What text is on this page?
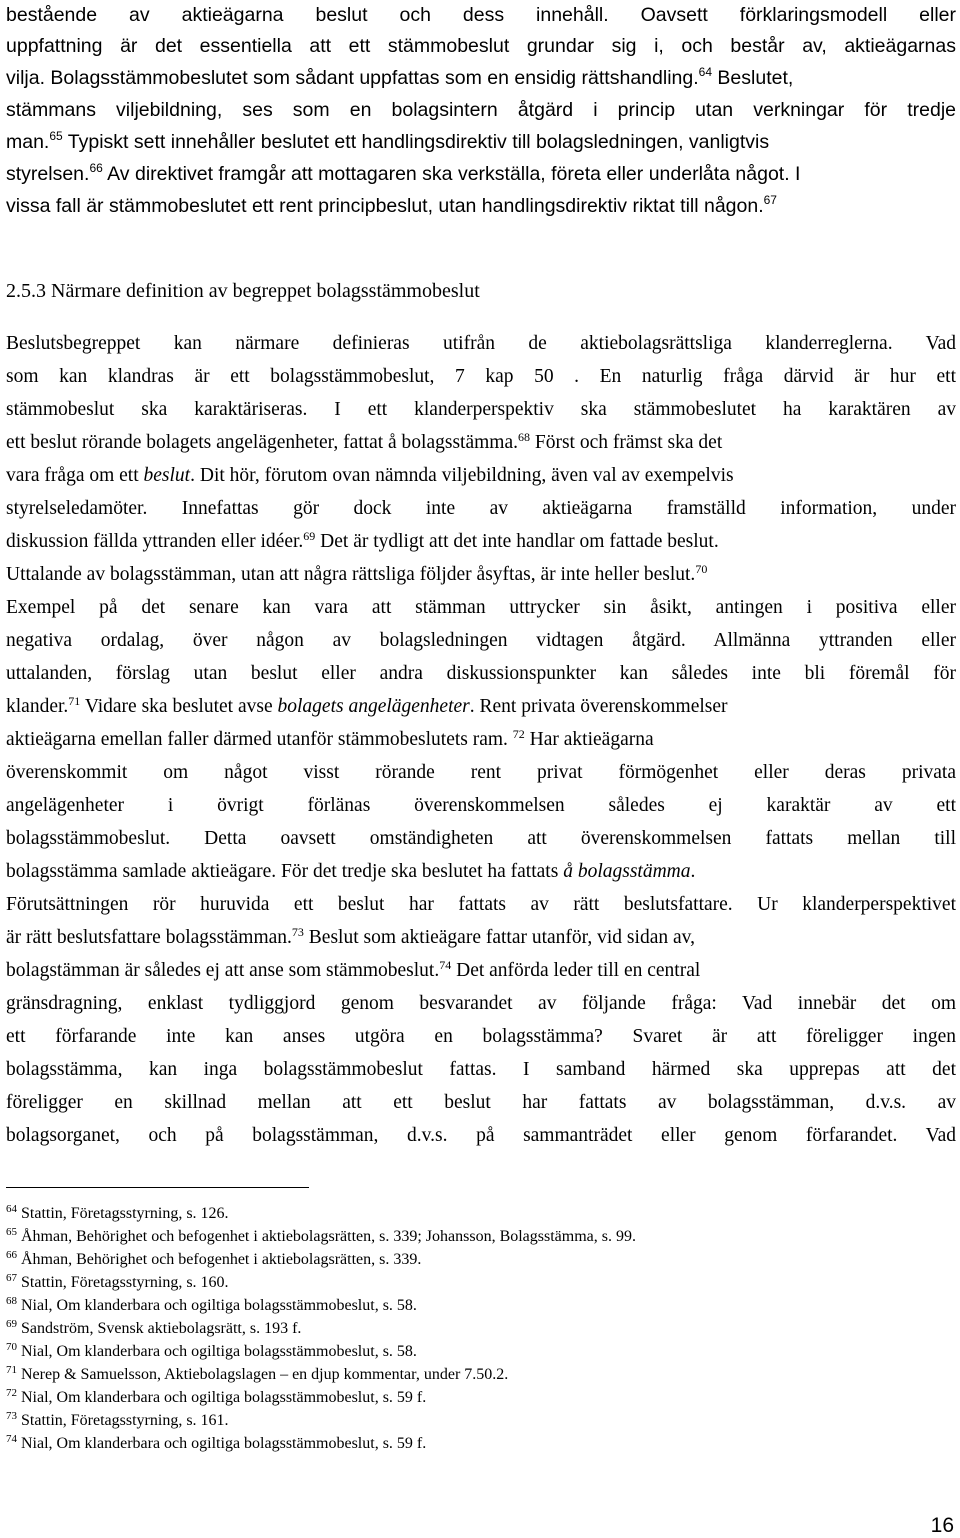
bestående av aktieägarna beslut och dess innehåll. Oavsett förklaringsmodell eller
uppfattning är det essentiella att ett stämmobeslut grundar sig i, och består av, aktieägarnas
vilja. Bolagsstämmobeslutet som sådant uppfattas som en ensidig rättshandling.$^{64}$ Beslutet,
stämmans viljebildning, ses som en bolagsintern åtgärd i princip utan verkningar för tredje
man.$^{65}$ Typiskt sett innehåller beslutet ett handlingsdirektiv till bolagsledningen, vanligtvis
styrelsen.$^{66}$ Av direktivet framgår att mottagaren ska verkställa, företa eller underlåta något. I
vissa fall är stämmobeslutet ett rent principbeslut, utan handlingsdirektiv riktat till någon.$^{67}$
2.5.3 Närmare definition av begreppet bolagsstämmobeslut
Beslutsbegreppet kan närmare definieras utifrån de aktiebolagsrättsliga klanderreglerna. Vad
som kan klandras är ett bolagsstämmobeslut, 7 kap 50 . En naturlig fråga därvid är hur ett
stämmobeslut ska karaktäriseras. I ett klanderperspektiv ska stämmobeslutet ha karaktären av
ett beslut rörande bolagets angelägenheter, fattat å bolagsstämma.$^{68}$ Först och främst ska det
vara fråga om ett beslut. Dit hör, förutom ovan nämnda viljebildning, även val av exempelvis
styrelseledamöter. Innefattas gör dock inte av aktieägarna framställd information, under
diskussion fällda yttranden eller idéer.$^{69}$ Det är tydligt att det inte handlar om fattade beslut.
Uttalande av bolagsstämman, utan att några rättsliga följder åsyftas, är inte heller beslut.$^{70}$
Exempel på det senare kan vara att stämman uttrycker sin åsikt, antingen i positiva eller
negativa ordalag, över någon av bolagsledningen vidtagen åtgärd. Allmänna yttranden eller
uttalanden, förslag utan beslut eller andra diskussionspunkter kan således inte bli föremål för
klander.$^{71}$ Vidare ska beslutet avse bolagets angelägenheter. Rent privata överenskommelser
aktieägarna emellan faller därmed utanför stämmobeslutets ram. $^{72}$ Har aktieägarna
överenskommit om något visst rörande rent privat förmögenhet eller deras privata
angelägenheter i övrigt förlänas överenskommelsen således ej karaktär av ett
bolagsstämmobeslut. Detta oavsett omständigheten att överenskommelsen fattats mellan till
bolagsstämma samlade aktieägare. För det tredje ska beslutet ha fattats å bolagsstämma.
Förutsättningen rör huruvida ett beslut har fattats av rätt beslutsfattare. Ur klanderperspektivet
är rätt beslutsfattare bolagsstämman.$^{73}$ Beslut som aktieägare fattar utanför, vid sidan av,
bolagstämman är således ej att anse som stämmobeslut.$^{74}$ Det anförda leder till en central
gränsdragning, enklast tydliggjord genom besvarandet av följande fråga: Vad innebär det om
ett förfarande inte kan anses utgöra en bolagsstämma? Svaret är att föreligger ingen
bolagsstämma, kan inga bolagsstämmobeslut fattas. I samband härmed ska upprepas att det
föreligger en skillnad mellan att ett beslut har fattats av bolagsstämman, d.v.s. av
bolagsorganet, och på bolagsstämman, d.v.s. på sammanträdet eller genom förfarandet. Vad
$^{64}$ Stattin, Företagsstyrning, s. 126.
$^{65}$ Åhman, Behörighet och befogenhet i aktiebolagsrätten, s. 339; Johansson, Bolagsstämma, s. 99.
$^{66}$ Åhman, Behörighet och befogenhet i aktiebolagsrätten, s. 339.
$^{67}$ Stattin, Företagsstyrning, s. 160.
$^{68}$ Nial, Om klanderbara och ogiltiga bolagsstämmobeslut, s. 58.
$^{69}$ Sandström, Svensk aktiebolagsrätt, s. 193 f.
$^{70}$ Nial, Om klanderbara och ogiltiga bolagsstämmobeslut, s. 58.
$^{71}$ Nerep & Samuelsson, Aktiebolagslagen – en djup kommentar, under 7.50.2.
$^{72}$ Nial, Om klanderbara och ogiltiga bolagsstämmobeslut, s. 59 f.
$^{73}$ Stattin, Företagsstyrning, s. 161.
$^{74}$ Nial, Om klanderbara och ogiltiga bolagsstämmobeslut, s. 59 f.
16
